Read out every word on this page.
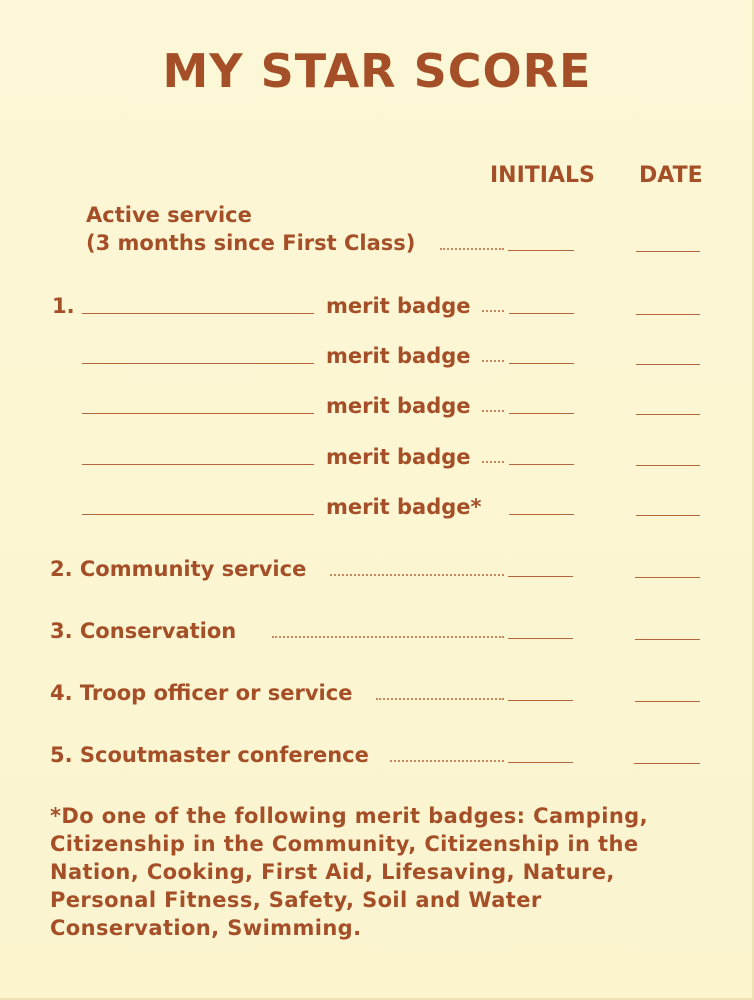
MY STAR SCORE
INITIALS DATE
Active service
(3 months since First Class)
1.	merit badge
merit badge
merit badge
merit badge
merit badge*
2. Community service
3. Conservation
4. Troop officer or service
5. Scoutmaster conference
*Do one of the following merit badges: Camping, Citizenship in the Community, Citizenship in the Nation, Cooking, First Aid, Lifesaving, Nature, Personal Fitness, Safety, Soil and Water Conservation, Swimming.
